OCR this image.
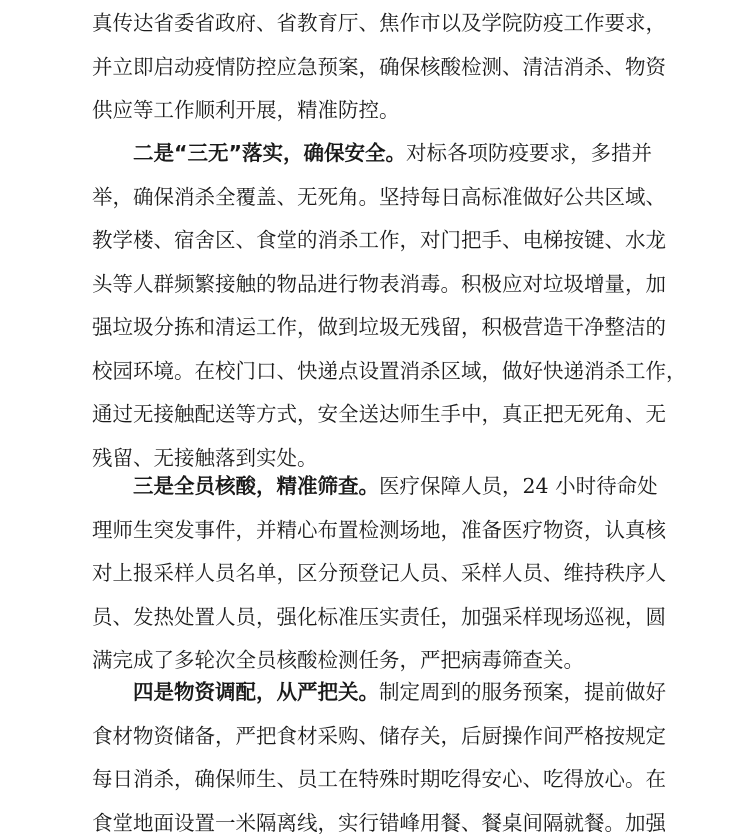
真传达省委省政府、省教育厅、焦作市以及学院防疫工作要求，
并立即启动疫情防控应急预案，确保核酸检测、清洁消杀、物资
供应等工作顺利开展，精准防控。
二是“三无”落实，确保安全。对标各项防疫要求，多措并
举，确保消杀全覆盖、无死角。坚持每日高标准做好公共区域、
教学楼、宿舍区、食堂的消杀工作，对门把手、电梯按键、水龙
头等人群频繁接触的物品进行物表消毒。积极应对垃圾增量，加
强垃圾分拣和清运工作，做到垃圾无残留，积极营造干净整洁的
校园环境。在校门口、快递点设置消杀区域，做好快递消杀工作，
通过无接触配送等方式，安全送达师生手中，真正把无死角、无
残留、无接触落到实处。
三是全员核酸，精准筛查。医疗保障人员，24 小时待命处
理师生突发事件，并精心布置检测场地，准备医疗物资，认真核
对上报采样人员名单，区分预登记人员、采样人员、维持秩序人
员、发热处置人员，强化标准压实责任，加强采样现场巡视，圆
满完成了多轮次全员核酸检测任务，严把病毒筛查关。
四是物资调配，从严把关。制定周到的服务预案，提前做好
食材物资储备，严把食材采购、储存关，后厨操作间严格按规定
每日消杀，确保师生、员工在特殊时期吃得安心、吃得放心。在
食堂地面设置一米隔离线，实行错峰用餐、餐桌间隔就餐。加强
